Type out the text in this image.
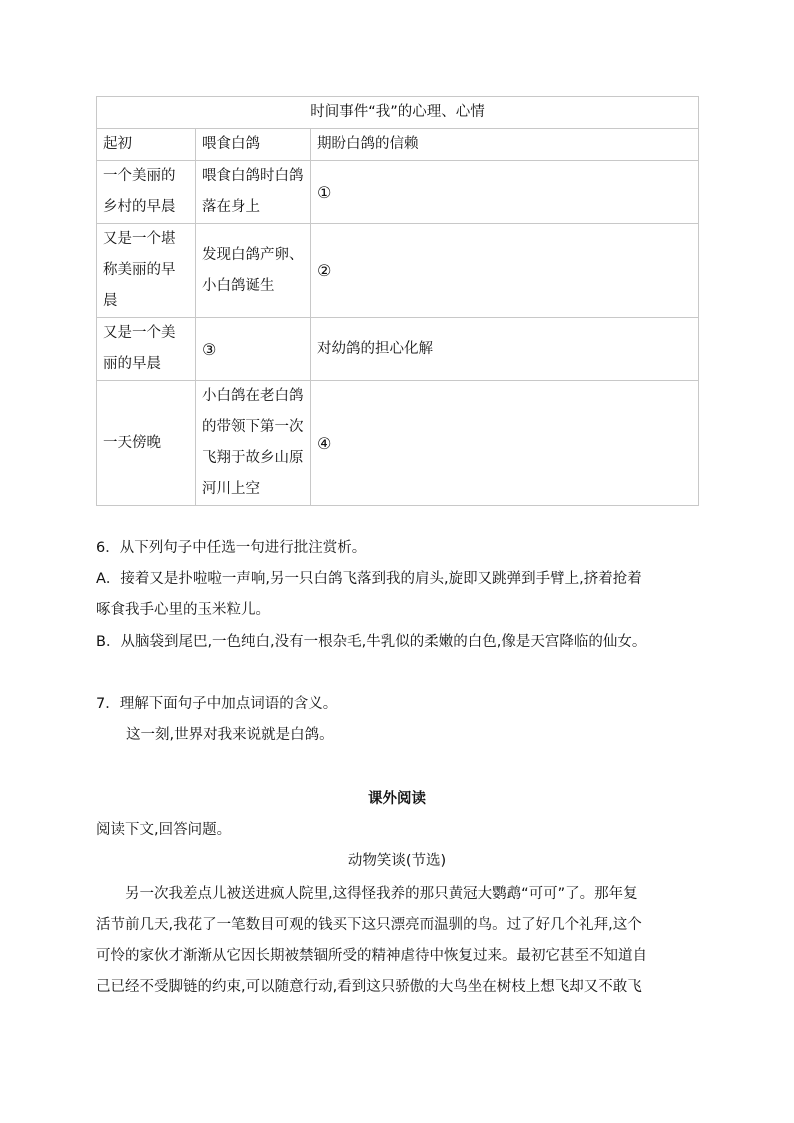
时间事件“我”的心理、心情		
起初	喂食白鸽	期盼白鸽的信赖
一个美丽的乡村的早晨	喂食白鸽时白鸽落在身上	①
又是一个堪称美丽的早晨	发现白鸽产卵、小白鸽诞生	②
又是一个美丽的早晨	③	对幼鸽的担心化解
一天傍晚	小白鸽在老白鸽的带领下第一次飞翔于故乡山原河川上空	④
6．从下列句子中任选一句进行批注赏析。
A．接着又是扑啦啦一声响,另一只白鸽飞落到我的肩头,旋即又跳弹到手臂上,挤着抢着
啄食我手心里的玉米粒儿。
B．从脑袋到尾巴,一色纯白,没有一根杂毛,牛乳似的柔嫩的白色,像是天宫降临的仙女。
7．理解下面句子中加点词语的含义。
这一刻,世界对我来说就是白鸽。
课外阅读
阅读下文,回答问题。
动物笑谈(节选)
另一次我差点儿被送进疯人院里,这得怪我养的那只黄冠大鹦鹉“可可”了。那年复
活节前几天,我花了一笔数目可观的钱买下这只漂亮而温驯的鸟。过了好几个礼拜,这个
可怜的家伙才渐渐从它因长期被禁锢所受的精神虐待中恢复过来。最初它甚至不知道自
己已经不受脚链的约束,可以随意行动,看到这只骄傲的大鸟坐在树枝上想飞却又不敢飞
